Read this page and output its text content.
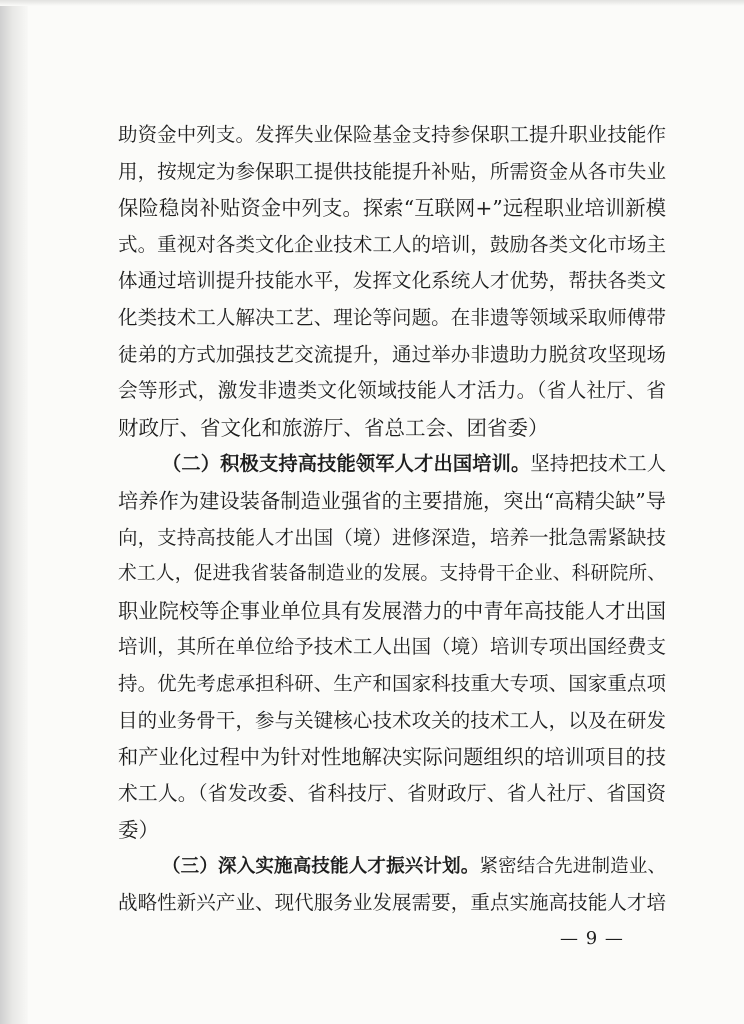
助资金中列支。发挥失业保险基金支持参保职工提升职业技能作
用，按规定为参保职工提供技能提升补贴，所需资金从各市失业
保险稳岗补贴资金中列支。探索“互联网+”远程职业培训新模
式。重视对各类文化企业技术工人的培训，鼓励各类文化市场主
体通过培训提升技能水平，发挥文化系统人才优势，帮扶各类文
化类技术工人解决工艺、理论等问题。在非遗等领域采取师傅带
徒弟的方式加强技艺交流提升，通过举办非遗助力脱贫攻坚现场
会等形式，激发非遗类文化领域技能人才活力。（省人社厅、省
财政厅、省文化和旅游厅、省总工会、团省委）
（二）积极支持高技能领军人才出国培训。坚持把技术工人
培养作为建设装备制造业强省的主要措施，突出“高精尖缺”导
向，支持高技能人才出国（境）进修深造，培养一批急需紧缺技
术工人，促进我省装备制造业的发展。支持骨干企业、科研院所、
职业院校等企事业单位具有发展潜力的中青年高技能人才出国
培训，其所在单位给予技术工人出国（境）培训专项出国经费支
持。优先考虑承担科研、生产和国家科技重大专项、国家重点项
目的业务骨干，参与关键核心技术攻关的技术工人，以及在研发
和产业化过程中为针对性地解决实际问题组织的培训项目的技
术工人。（省发改委、省科技厅、省财政厅、省人社厅、省国资
委）
（三）深入实施高技能人才振兴计划。紧密结合先进制造业、
战略性新兴产业、现代服务业发展需要，重点实施高技能人才培
— 9 —
